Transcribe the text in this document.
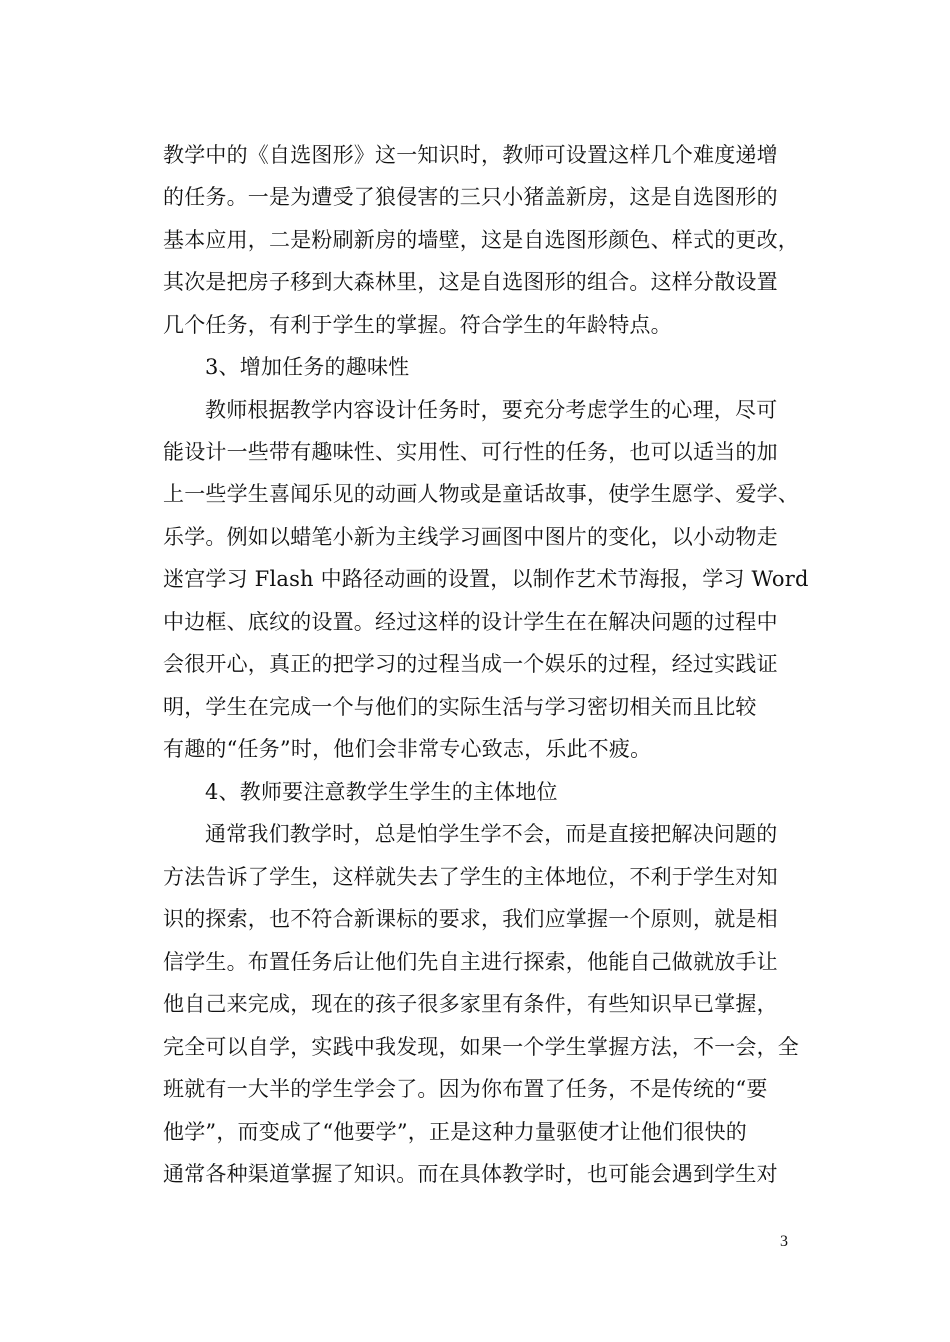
教学中的《自选图形》这一知识时，教师可设置这样几个难度递增
的任务。一是为遭受了狼侵害的三只小猪盖新房，这是自选图形的
基本应用，二是粉刷新房的墙壁，这是自选图形颜色、样式的更改，
其次是把房子移到大森林里，这是自选图形的组合。这样分散设置
几个任务，有利于学生的掌握。符合学生的年龄特点。
3、增加任务的趣味性
教师根据教学内容设计任务时，要充分考虑学生的心理，尽可
能设计一些带有趣味性、实用性、可行性的任务，也可以适当的加
上一些学生喜闻乐见的动画人物或是童话故事，使学生愿学、爱学、
乐学。例如以蜡笔小新为主线学习画图中图片的变化，以小动物走
迷宫学习 Flash 中路径动画的设置，以制作艺术节海报，学习 Word
中边框、底纹的设置。经过这样的设计学生在在解决问题的过程中
会很开心，真正的把学习的过程当成一个娱乐的过程，经过实践证
明，学生在完成一个与他们的实际生活与学习密切相关而且比较
有趣的“任务”时，他们会非常专心致志，乐此不疲。
4、教师要注意教学生学生的主体地位
通常我们教学时，总是怕学生学不会，而是直接把解决问题的
方法告诉了学生，这样就失去了学生的主体地位，不利于学生对知
识的探索，也不符合新课标的要求，我们应掌握一个原则，就是相
信学生。布置任务后让他们先自主进行探索，他能自己做就放手让
他自己来完成，现在的孩子很多家里有条件，有些知识早已掌握，
完全可以自学，实践中我发现，如果一个学生掌握方法，不一会，全
班就有一大半的学生学会了。因为你布置了任务，不是传统的“要
他学”，而变成了“他要学”，正是这种力量驱使才让他们很快的
通常各种渠道掌握了知识。而在具体教学时，也可能会遇到学生对
3
